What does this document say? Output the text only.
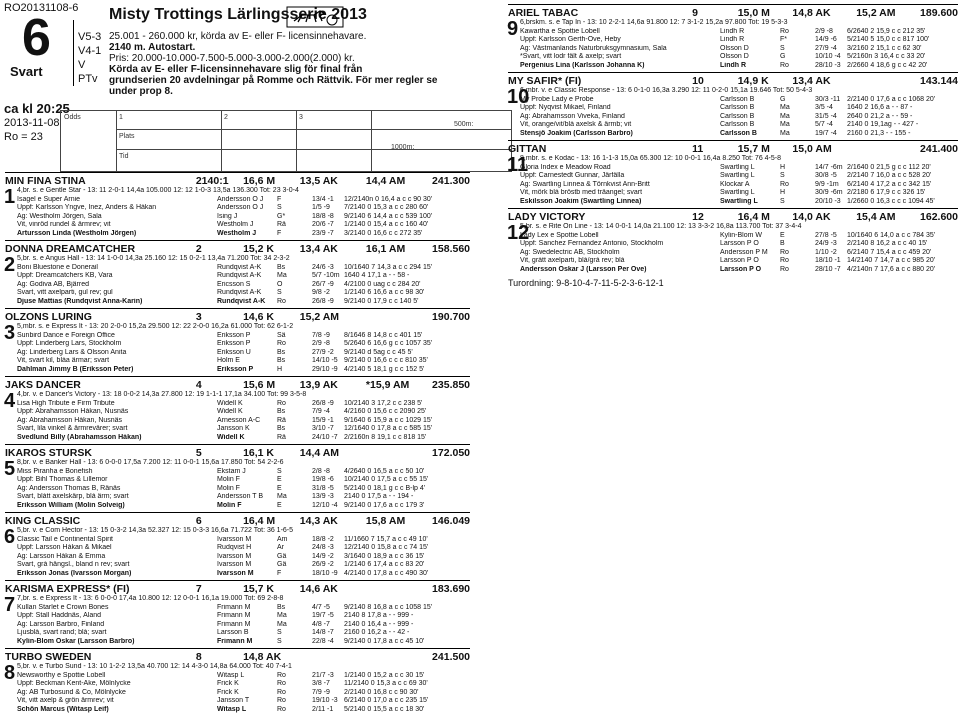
RO20131108-6
6 V5-3 V4-1
V PTv
Svart
Misty Trottings Lärlingsserie 2013
25.001 - 260.000 kr, körda av E- eller F- licensinnehavare.
2140 m. Autostart.
Pris: 20.000-10.000-7.500-5.000-3.000-2.000(2.000) kr.
Körda av E- eller F-licensinnehavare slig för final från
grundserien 20 avdelningar på Romme och Rättvik. För mer regler se
under prop 8.
ca kl 20:25
2013-11-08
Ro = 23
Odds	1	2	3
Plats
Tid
500m:
1000m:
MIN FINA STINA	2140:1	16,6 M	13,5 AK	14,4 AM	241.300
1 4,br. s. e Gentle Star - 13: 11 2-0-1 14,4a 105.000 12: 12 1-0-3 13,5a 136.300 Tot: 23 3-0-4
Isagel e Super Arnie	Andersson O J	F	13/4 -1	12/2140n 0 16,4 a c c 90 30'
Uppf: Karlsson Yngve, Inez, Anders & Håkan	Andersson O J	S	1/5 -9	7/2140 0 15,3 a c c 280 60'
Äg: Westholm Jörgen, Sala	Ising J	G*	18/8 -8	9/2140 6 14,4 a c c 539 100'
Vit, vinröd rundel & ärmrev; vit	Westholm J	Rä	20/6 -7	1/2140 0 15,4 a c c 160 40'
Artursson Linda (Westholm Jörgen)	Westholm J	F	23/9 -7	3/2140 0 16,6 c c 272 35'
DONNA DREAMCATCHER	2	15,2 K	13,4 AK	16,1 AM	158.560
2 5,br. s. e Angus Hall - 13: 14 1-0-0 14,3a 25.160 12: 15 0-2-1 13,4a 71.200 Tot: 34 2-3-2
Boni Bluestone e Donerail	Rundqvist A-K	Bs	24/6 -3	10/1640 7 14,3 a c c 294 15'
Uppf: Dreamcatchers KB, Vara	Rundqvist A-K	Ma	5/7 -10m 1640 4 17,1 a - - 58 -
Äg: Godiva AB, Bjärred	Ericsson S	Ö	26/7 -9	4/2100 0 uag c c 284 20'
Svart, vitt axelparti, gul rev; gul	Rundqvist A-K	S	9/8 -2	1/2140 6 16,6 a c c 98 30'
Djuse Mattias (Rundqvist Anna-Karin)	Rundqvist A-K	Ro	26/8 -9	9/2140 0 17,9 c c 140 5'
OLZONS LURING	3	14,6 K	15,2 AM	190.700
3 5,mbr. s. e Express It - 13: 20 2-0-0 15,2a 29.500 12: 22 2-0-0 16,2a 61.000 Tot: 62 6-1-2
Sunbird Dance e Foreign Office	Eriksson P	Sä	7/8 -9	8/1646 8 14,8 c c 401 15'
Uppf: Linderberg Lars, Stockholm	Eriksson P	Ro	2/9 -8	5/2640 6 16,6 g c c 1057 35'
Äg: Linderberg Lars & Olsson Anita	Eriksson U	Bs	27/9 -2	9/2140 d 5ag c c 45 5'
Vit, svart kil, blåa ärmar; svart	Holm E	Bs	14/10 -5 9/2140 0 16,6 c c c 810 35'
Dahlman Jimmy B (Eriksson Peter)	Eriksson P	H	29/10 -9 4/2140 5 18,1 g c c 152 5'
JAKS DANCER	4	15,6 M	13,9 AK	*15,9 AM	235.850
4 4,br. v. e Dancer's Victory - 13: 18 0-0-2 14,3a 27.800 12: 19 1-1-1 17,1a 34.100 Tot: 99 3-5-8
Lisa High Tribute e Firm Tribute	Widell K	Ro	26/8 -9	10/2140 3 17,2 c c 238 5'
Uppf: Abrahamsson Håkan, Nusnäs	Widell K	Bs	7/9 -4	4/2160 0 15,6 c c 2090 25'
Äg: Abrahamsson Håkan, Nusnäs	Arnesson A-C	Rä	15/9 -1	9/1640 6 15,9 a c c 1029 15'
Svart, lila vinkel & ärmrevärer; svart	Jansson K	Bs	3/10 -7	12/1640 0 17,8 a c c 585 15'
Svedlund Billy (Abrahamsson Håkan)	Widell K	Rä	24/10 -7 2/2160n 8 19,1 c c 818 15'
IKAROS STURSK	5	16,1 K	14,4 AM	172.050
5 8,br. v. e Banker Hall - 13: 6 0-0-0 17,5a 7.200 12: 11 0-0-1 15,6a 17.850 Tot: 54 2-2-6
Miss Piranha e Bonefish	Ekstam J	S	2/8 -8	4/2640 0 16,5 a c c 50 10'
Uppf: Bihl Thomas & Lillemor	Molin F	E	19/8 -6	10/2140 0 17,5 a c c 55 15'
Äg: Andersson Thomas B, Ränäs	Molin F	E	31/8 -5	5/2140 0 18,1 g c c B-lp 4'
Svart, blått axelskärp, blå ärm; svart	Andersson T B	Ma	13/9 -3	2140 0 17,5 a - - 194 -
Eriksson William (Molin Solveig)	Molin F	E	12/10 -4 9/2140 0 17,6 a c c 179 3'
KING CLASSIC	6	16,4 M	14,3 AK	15,8 AM	146.049
6 5,br. v. e Com Hector - 13: 15 0-3-2 14,3a 52.327 12: 15 0-3-3 16,6a 71.722 Tot: 36 1-6-5
Classic Tail e Continental Spirit	Ivarsson M	Åm	18/8 -2	11/1660 7 15,7 a c c 49 10'
Uppf: Larsson Håkan & Mikael	Rudqvist H	Är	24/8 -3	12/2140 0 15,8 a c c 74 15'
Äg: Larsson Håkan & Emma	Ivarsson M	Gä	14/9 -2	3/1640 0 18,9 a c c 36 15'
Svart, grå hängsl., bland n rev; svart	Ivarsson M	Gä	26/9 -2	1/2140 6 17,4 a c c 83 20'
Eriksson Jonas (Ivarsson Morgan)	Ivarsson M	F	18/10 -9 4/2140 0 17,8 a c c 490 30'
KARISMA EXPRESS* (FI)	7	15,7 K	14,6 AK	183.690
7 7,br. s. e Express It - 13: 6 0-0-0 17,4a 10.800 12: 12 0-0-1 16,1a 19.000 Tot: 69 2-8-8
Kullan Starlet e Crown Bones	Frimann M	Bs	4/7 -5	9/2140 8 16,8 a c c 1058 15'
Uppf: Stall Haddnäs, Åland	Frimann M	Ma	19/7 -5	2140 8 17,8 a - - 999 -
Äg: Larsson Barbro, Finland	Frimann M	Ma	4/8 -7	2140 0 16,4 a - - 999 -
Ljusblå, svart rand; blå; svart	Larsson B	S	14/8 -7	2160 0 16,2 a - - 42 -
Kylin-Blom Oskar (Larsson Barbro)	Frimann M	S	22/8 -4	9/2140 0 17,8 a c c 45 10'
TURBO SWEDEN	8	14,8 AK	241.500
8 5,br. v. e Turbo Sund - 13: 10 1-2-2 13,5a 40.700 12: 14 4-3-0 14,8a 64.000 Tot: 40 7-4-1
Newsworthy e Spottie Lobell	Witasp L	Ro	21/7 -3	1/2140 0 15,2 a c c 30 15'
Uppf: Beckman Kent-Åke, Mölnlycke	Frick K	Ro	3/8 -7	11/2140 0 15,3 a c c 69 30'
Äg: AB Turbosund & Co, Mölnlycke	Frick K	Ro	7/9 -9	2/2140 0 16,8 c c 90 30'
Vit, vitt axelp & grön ärmrev; vit	Jansson T	Ro	19/10 -3 6/2140 0 17,0 a c c 235 15'
Schön Marcus (Witasp Leif)	Witasp L	Ro	2/11 -1	5/2140 0 15,5 a c c 18 30'
ARIEL TABAC	9	15,0 M	14,8 AK	15,2 AM	189.600
9 6,brskm. s. e Tap In - 13: 10 2-2-1 14,6a 91.800 12: 7 3-1-2 15,2a 97.800 Tot: 19 5-3-3
Kawartha e Spottie Lobell	Lindh R	Ro	2/9 -8	6/2640 2 15,9 c c 212 35'
Uppf: Karlsson Gerth-Ove, Heby	Lindh R	F*	14/9 -6	5/2140 5 15,0 c c 817 100'
Äg: Västmanlands Naturbruksgymnasium, Sala	Olsson D	S	27/9 -4	3/2160 2 15,1 c c 62 30'
*Svart, vitt lodr fält & axelp; svart	Olsson D	G	10/10 -4 5/2160n 3 16,4 c c 33 20'
Pergenius Lina (Karlsson Johanna K)	Lindh R	Ro	28/10 -3 2/2660 4 18,6 g c c 42 20'
MY SAFIR* (FI)	10	14,9 K	13,4 AK	143.144
10
6,mbr. v. e Classic Response - 13: 6 0-1-0 16,3a 3.290 12: 11 0-2-0 15,1a 19.646 Tot: 50 5-4-3
My Probe Lady e Probe	Carlsson B	G	30/3 -11 2/2140 0 17,6 a c c 1068 20'
Uppf: Nyqvist Mikael, Finland	Carlsson B	Ma	3/5 -4	1640 2 16,6 a - - 87 -
Äg: Abrahamsson Viveka, Finland	Carlsson B	Ma	31/5 -4	2640 0 21,2 a - - 59 -
Vit, orange/vit/blå axelsk & ärmb; vit	Carlsson B	Ma	5/7 -4	2140 0 19,1ag - - 427 -
Stensjö Joakim (Carlsson Barbro)	Carlsson B	Ma	19/7 -4	2160 0 21,3 - - 155 -
GITTAN	11	15,7 M	15,0 AM	241.400
11
8,mbr. s. e Kodac - 13: 16 1-1-3 15,0a 65.300 12: 10 0-0-1 16,4a 8.250 Tot: 76 4-5-8
Gloria Index e Meadow Road	Swartling L	H	14/7 -6m 2/1640 0 21,5 g c c 112 20'
Uppf: Carnestedt Gunnar, Järfälla	Swartling L	S	30/8 -5	2/2140 7 16,0 a c c 528 20'
Äg: Swartling Linnea & Törnkvist Ann-Britt	Klockar A	Ro	9/9 -1m	6/2140 4 17,2 a c c 342 15'
Vit, mörk blå bröstb med träangel; svart	Swartling L	H	30/9 -6m 2/2180 6 17,9 c c 326 15'
Eskilsson Joakim (Swartling Linnea)	Swartling L	S	20/10 -3 1/2660 0 16,3 c c c 1094 45'
LADY VICTORY	12	16,4 M	14,0 AK	15,4 AM	162.600
12
5,br. s. e Rite On Line - 13: 14 0-0-1 14,0a 21.100 12: 13 3-3-2 16,8a 113.700 Tot: 37 3-4-4
Lady Lex e Spottie Lobell	Kylin-Blom W	E	27/8 -5	10/1640 6 14,0 a c c 784 35'
Uppf: Sanchez Fernandez Antonio, Stockholm	Larsson P O	B	24/9 -3	2/2140 8 16,2 a c c 40 15'
Äg: Swedelectric AB, Stockholm	Andersson P M	Ro	1/10 -2	6/2140 7 15,4 a c c 459 20'
Vit, grått axelparti, blå/grå rev; blå	Larsson P O	Ro	18/10 -1 14/2140 7 14,7 a c c 985 20'
Andersson Oskar J (Larsson Per Ove)	Larsson P O	Ro	28/10 -7 4/2140n 7 17,6 a c c 880 20'
Turordning: 9-8-10-4-7-11-5-2-3-6-12-1
